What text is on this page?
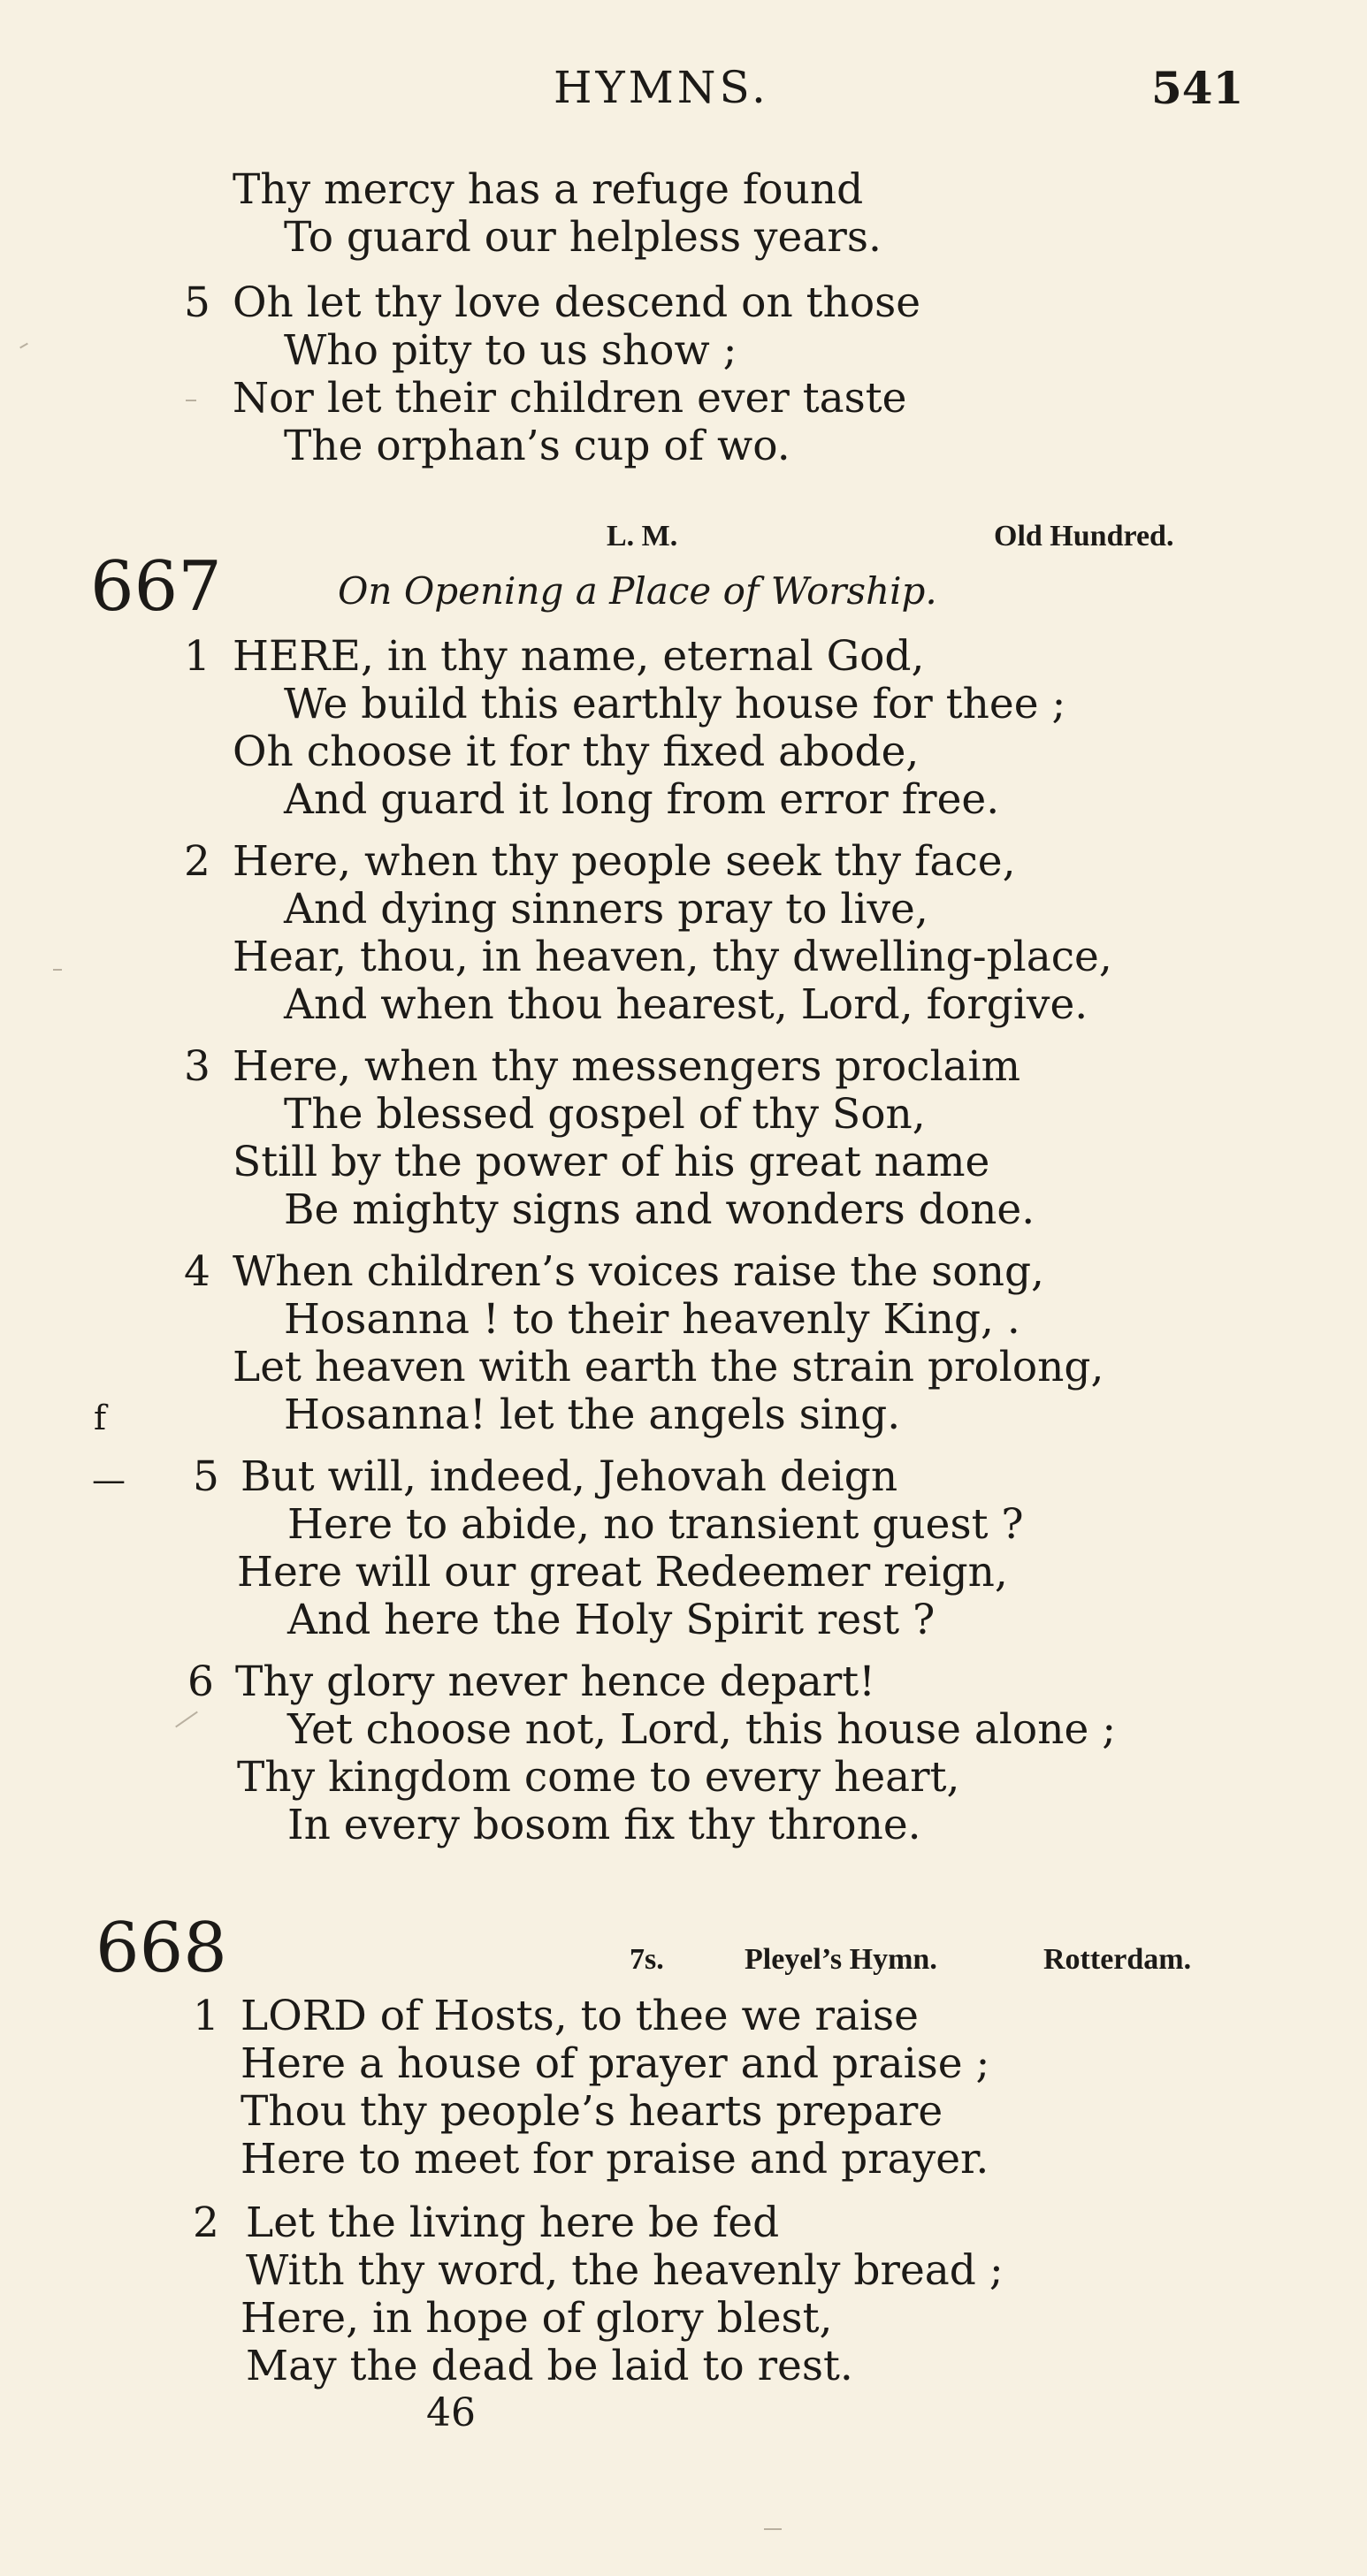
HYMNS.	541
Thy mercy has a refuge found
To guard our helpless years.
5 Oh let thy love descend on those
Who pity to us show ;
Nor let their children ever taste
The orphan’s cup of wo.
L. M.	Old Hundred.
667	On Opening a Place of Worship.
1 HERE, in thy name, eternal God,
We build this earthly house for thee ;
Oh choose it for thy fixed abode,
And guard it long from error free.
2 Here, when thy people seek thy face,
And dying sinners pray to live,
Hear, thou, in heaven, thy dwelling-place,
And when thou hearest, Lord, forgive.
3 Here, when thy messengers proclaim
The blessed gospel of thy Son,
Still by the power of his great name
Be mighty signs and wonders done.
4 When children’s voices raise the song,
Hosanna ! to their heavenly King, .
Let heaven with earth the strain prolong,
f	Hosanna! let the angels sing.
— 5 But will, indeed, Jehovah deign
Here to abide, no transient guest ?
Here will our great Redeemer reign,
And here the Holy Spirit rest ?
6 Thy glory never hence depart!
Yet choose not, Lord, this house alone ;
Thy kingdom come to every heart,
In every bosom fix thy throne.
668	7s.	Pleyel’s Hymn.	Rotterdam.
1 LORD of Hosts, to thee we raise
Here a house of prayer and praise ;
Thou thy people’s hearts prepare
Here to meet for praise and prayer.
2 Let the living here be fed
With thy word, the heavenly bread ;
Here, in hope of glory blest,
May the dead be laid to rest.
46
